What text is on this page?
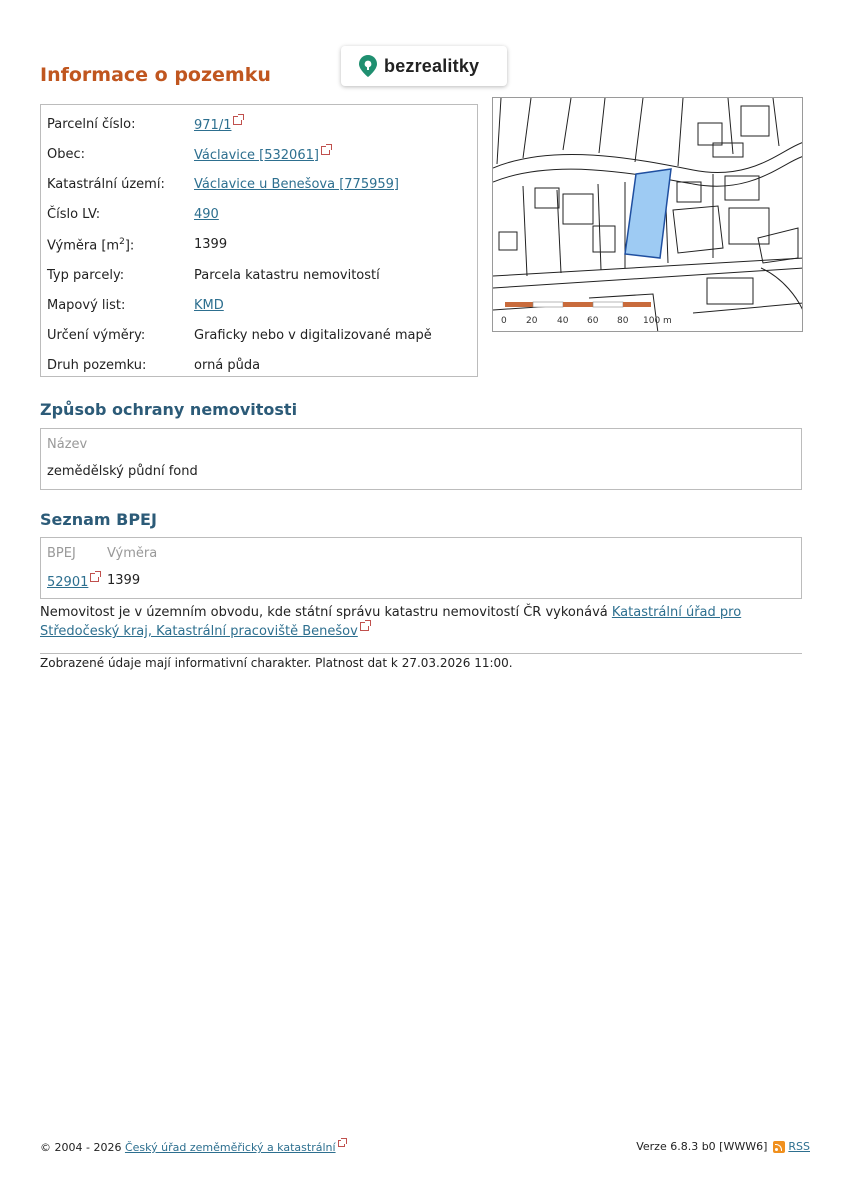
bezrealitky
Informace o pozemku
Parcelní číslo:	971/1
Obec:	Václavice [532061]
Katastrální území:	Václavice u Benešova [775959]
Číslo LV:	490
Výměra $[m^2]$:	1399
Typ parcely:	Parcela katastru nemovitostí
Mapový list:	KMD
Určení výměry:	Graficky nebo v digitalizované mapě
Druh pozemku:	orná půda
0 20 40 60 80 100 m
Způsob ochrany nemovitosti
Název
zemědělský půdní fond
Seznam BPEJ
BPEJ	Výměra
52901	1399
Nemovitost je v územním obvodu, kde státní správu katastru nemovitostí ČR vykonává Katastrální úřad pro Středočeský kraj, Katastrální pracoviště Benešov
Zobrazené údaje mají informativní charakter. Platnost dat k 27.03.2026 11:00.
© 2004 - 2026 Český úřad zeměměřický a katastrální	Verze 6.8.3 b0 [WWW6] RSS
